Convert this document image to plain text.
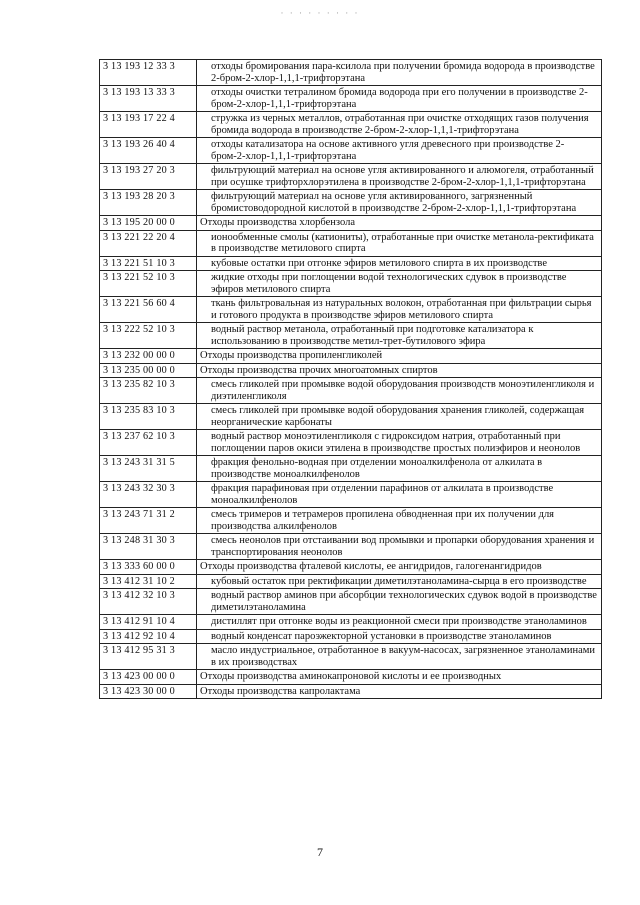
· · · · · · · · ·
3 13 193 12 33 3	отходы бромирования пара-ксилола при получении бромида водорода в производстве 2-бром-2-хлор-1,1,1-трифторэтана
3 13 193 13 33 3	отходы очистки тетралином бромида водорода при его получении в производстве 2-бром-2-хлор-1,1,1-трифторэтана
3 13 193 17 22 4	стружка из черных металлов, отработанная при очистке отходящих газов получения бромида водорода в производстве 2-бром-2-хлор-1,1,1-трифторэтана
3 13 193 26 40 4	отходы катализатора на основе активного угля древесного при производстве 2-бром-2-хлор-1,1,1-трифторэтана
3 13 193 27 20 3	фильтрующий материал на основе угля активированного и алюмогеля, отработанный при осушке трифторхлорэтилена в производстве 2-бром-2-хлор-1,1,1-трифторэтана
3 13 193 28 20 3	фильтрующий материал на основе угля активированного, загрязненный бромистоводородной кислотой в производстве 2-бром-2-хлор-1,1,1-трифторэтана
3 13 195 20 00 0	Отходы производства хлорбензола
3 13 221 22 20 4	ионообменные смолы (катиониты), отработанные при очистке метанола-ректификата в производстве метилового спирта
3 13 221 51 10 3	кубовые остатки при отгонке эфиров метилового спирта в их производстве
3 13 221 52 10 3	жидкие отходы при поглощении водой технологических сдувок в производстве эфиров метилового спирта
3 13 221 56 60 4	ткань фильтровальная из натуральных волокон, отработанная при фильтрации сырья и готового продукта в производстве эфиров метилового спирта
3 13 222 52 10 3	водный раствор метанола, отработанный при подготовке катализатора к использованию в производстве метил-трет-бутилового эфира
3 13 232 00 00 0	Отходы производства пропиленгликолей
3 13 235 00 00 0	Отходы производства прочих многоатомных спиртов
3 13 235 82 10 3	смесь гликолей при промывке водой оборудования производств моноэтиленгликоля и диэтиленгликоля
3 13 235 83 10 3	смесь гликолей при промывке водой оборудования хранения гликолей, содержащая неорганические карбонаты
3 13 237 62 10 3	водный раствор моноэтиленгликоля с гидроксидом натрия, отработанный при поглощении паров окиси этилена в производстве простых полиэфиров и неонолов
3 13 243 31 31 5	фракция фенольно-водная при отделении моноалкилфенола от алкилата в производстве моноалкилфенолов
3 13 243 32 30 3	фракция парафиновая при отделении парафинов от алкилата в производстве моноалкилфенолов
3 13 243 71 31 2	смесь тримеров и тетрамеров пропилена обводненная при их получении для производства алкилфенолов
3 13 248 31 30 3	смесь неонолов при отстаивании вод промывки и пропарки оборудования хранения и транспортирования неонолов
3 13 333 60 00 0	Отходы производства фталевой кислоты, ее ангидридов, галогенангидридов
3 13 412 31 10 2	кубовый остаток при ректификации диметилэтаноламина-сырца в его производстве
3 13 412 32 10 3	водный раствор аминов при абсорбции технологических сдувок водой в производстве диметилэтаноламина
3 13 412 91 10 4	дистиллят при отгонке воды из реакционной смеси при производстве этаноламинов
3 13 412 92 10 4	водный конденсат пароэжекторной установки в производстве этаноламинов
3 13 412 95 31 3	масло индустриальное, отработанное в вакуум-насосах, загрязненное этаноламинами в их производствах
3 13 423 00 00 0	Отходы производства аминокапроновой кислоты и ее производных
3 13 423 30 00 0	Отходы производства капролактама
7
